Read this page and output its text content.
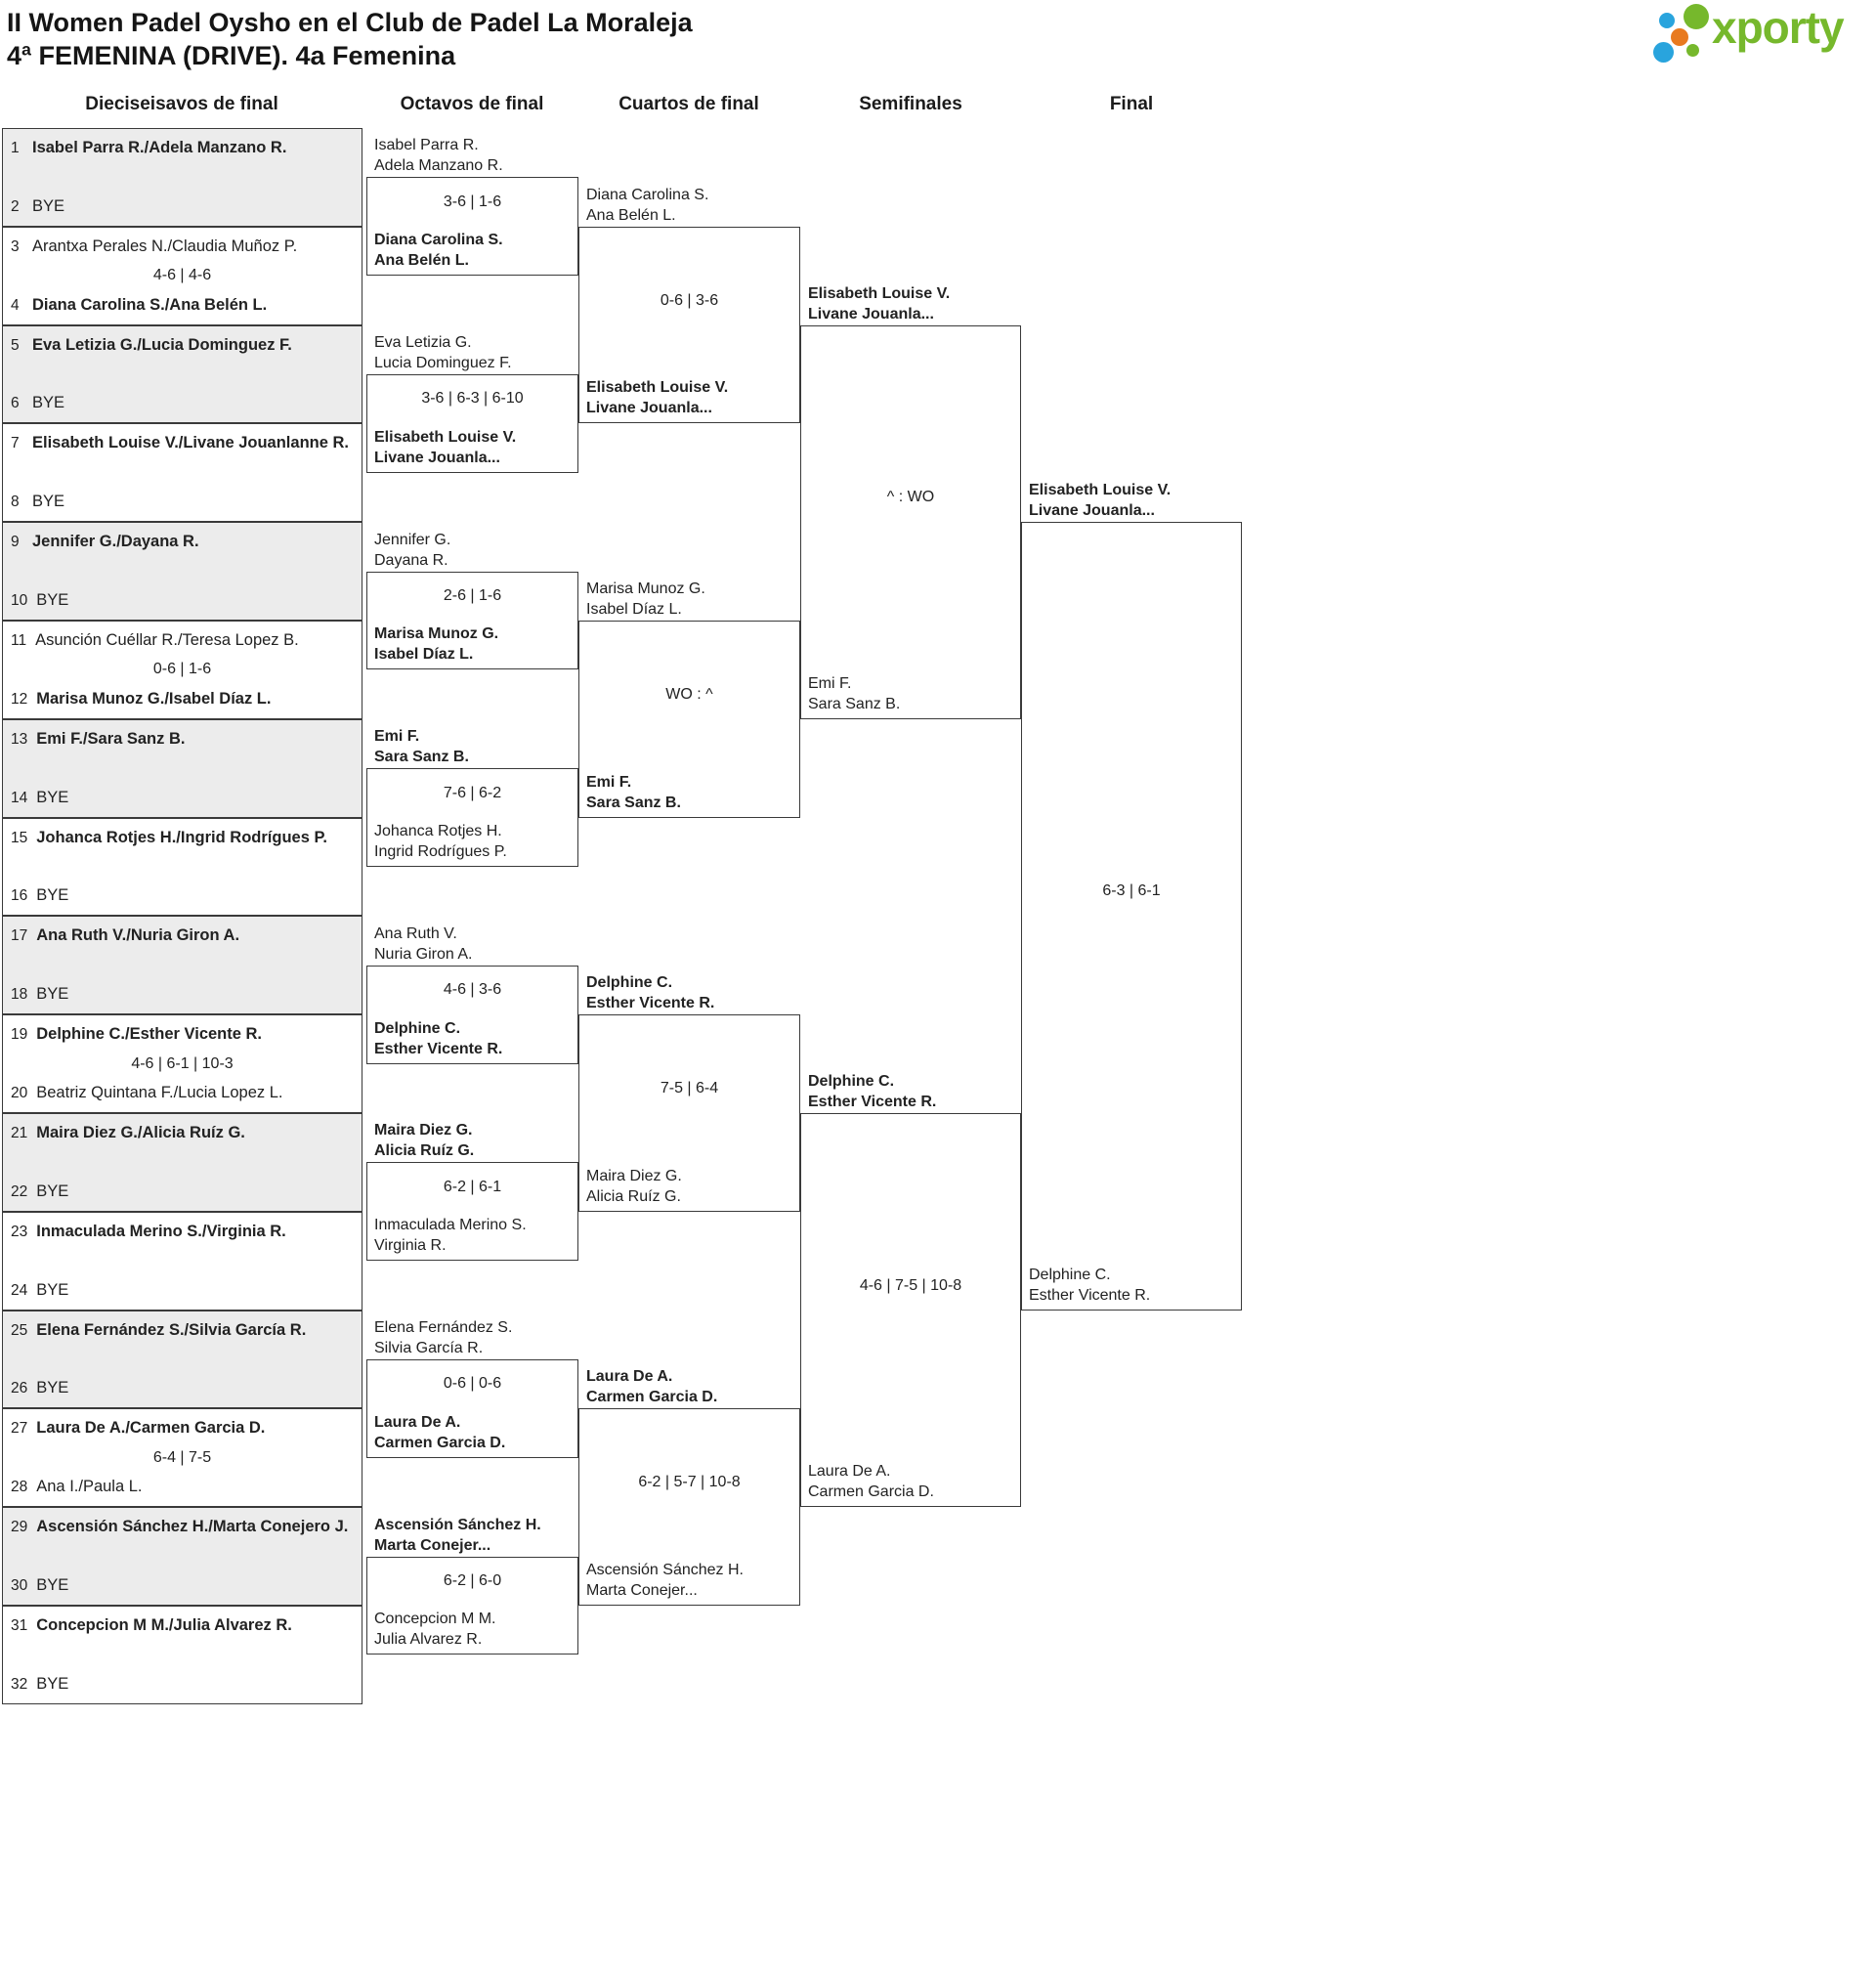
II Women Padel Oysho en el Club de Padel La Moraleja
4ª FEMENINA (DRIVE). 4a Femenina
xporty
Dieciseisavos de final	Octavos de final	Cuartos de final	Semifinales	Final
1 Isabel Parra R./Adela Manzano R.
2 BYE
3 Arantxa Perales N./Claudia Muñoz P.
4 Diana Carolina S./Ana Belén L.
4-6 | 4-6
5 Eva Letizia G./Lucia Dominguez F.
6 BYE
7 Elisabeth Louise V./Livane Jouanlanne R.
8 BYE
9 Jennifer G./Dayana R.
10 BYE
11 Asunción Cuéllar R./Teresa Lopez B.
12 Marisa Munoz G./Isabel Díaz L.
0-6 | 1-6
13 Emi F./Sara Sanz B.
14 BYE
15 Johanca Rotjes H./Ingrid Rodrígues P.
16 BYE
17 Ana Ruth V./Nuria Giron A.
18 BYE
19 Delphine C./Esther Vicente R.
20 Beatriz Quintana F./Lucia Lopez L.
4-6 | 6-1 | 10-3
21 Maira Diez G./Alicia Ruíz G.
22 BYE
23 Inmaculada Merino S./Virginia R.
24 BYE
25 Elena Fernández S./Silvia García R.
26 BYE
27 Laura De A./Carmen Garcia D.
28 Ana I./Paula L.
6-4 | 7-5
29 Ascensión Sánchez H./Marta Conejero J.
30 BYE
31 Concepcion M M./Julia Alvarez R.
32 BYE
Isabel Parra R.
Adela Manzano R.
Diana Carolina S.
Ana Belén L.
3-6 | 1-6
Eva Letizia G.
Lucia Dominguez F.
Elisabeth Louise V.
Livane Jouanla...
3-6 | 6-3 | 6-10
Jennifer G.
Dayana R.
Marisa Munoz G.
Isabel Díaz L.
2-6 | 1-6
Emi F.
Sara Sanz B.
Johanca Rotjes H.
Ingrid Rodrígues P.
7-6 | 6-2
Ana Ruth V.
Nuria Giron A.
Delphine C.
Esther Vicente R.
4-6 | 3-6
Maira Diez G.
Alicia Ruíz G.
Inmaculada Merino S.
Virginia R.
6-2 | 6-1
Elena Fernández S.
Silvia García R.
Laura De A.
Carmen Garcia D.
0-6 | 0-6
Ascensión Sánchez H.
Marta Conejer...
Concepcion M M.
Julia Alvarez R.
6-2 | 6-0
Diana Carolina S.
Ana Belén L.
Elisabeth Louise V.
Livane Jouanla...
0-6 | 3-6
Marisa Munoz G.
Isabel Díaz L.
Emi F.
Sara Sanz B.
WO : ^
Delphine C.
Esther Vicente R.
Maira Diez G.
Alicia Ruíz G.
7-5 | 6-4
Laura De A.
Carmen Garcia D.
Ascensión Sánchez H.
Marta Conejer...
6-2 | 5-7 | 10-8
Elisabeth Louise V.
Livane Jouanla...
Emi F.
Sara Sanz B.
^ : WO
Delphine C.
Esther Vicente R.
Laura De A.
Carmen Garcia D.
4-6 | 7-5 | 10-8
Elisabeth Louise V.
Livane Jouanla...
Delphine C.
Esther Vicente R.
6-3 | 6-1
